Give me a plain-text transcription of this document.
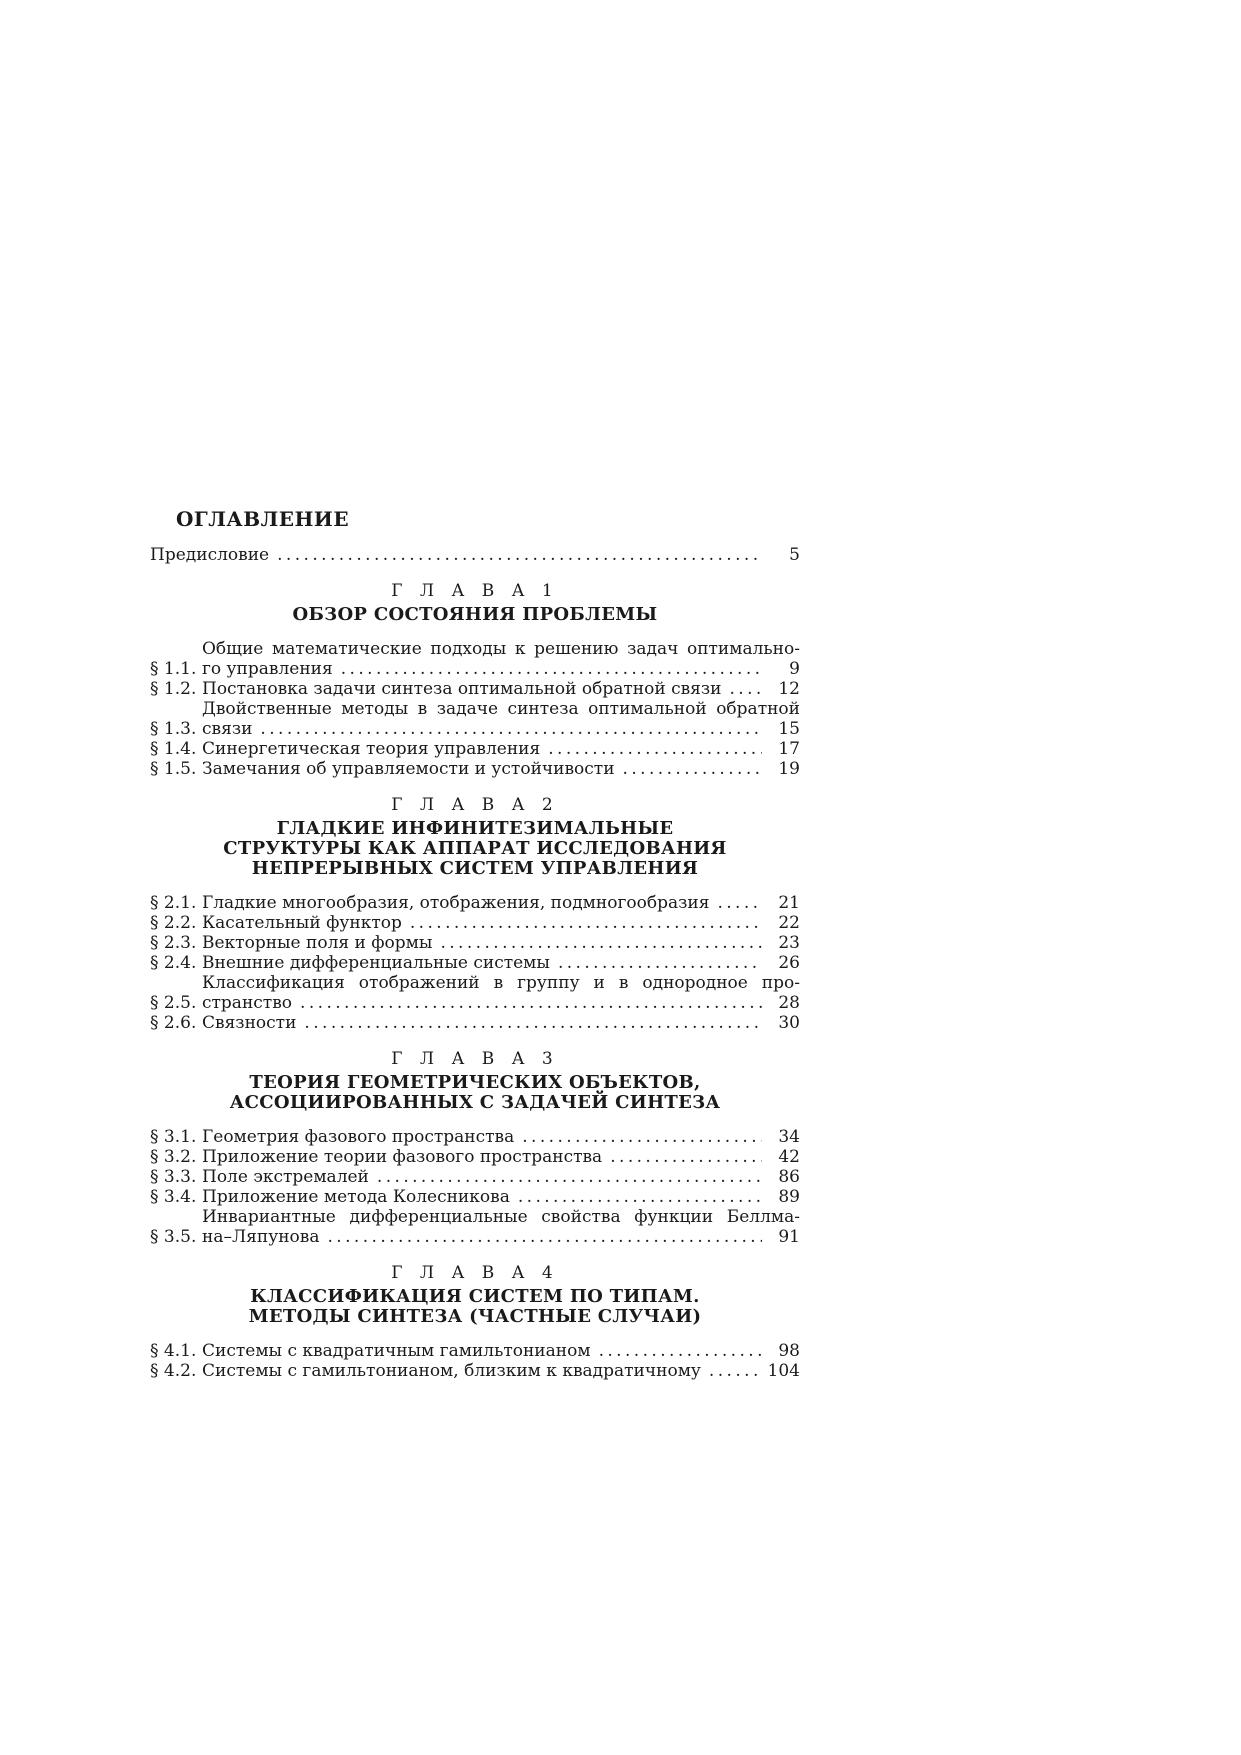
ОГЛАВЛЕНИЕ
Предисловие . . .	5
Г Л А В А 1
ОБЗОР СОСТОЯНИЯ ПРОБЛЕМЫ
§ 1.1.
Общие математические подходы к решению задач оптимально-
го управления . . .	9
§ 1.2. Постановка задачи синтеза оптимальной обратной связи . . .	12
§ 1.3.
Двойственные методы в задаче синтеза оптимальной обратной
связи . . .	15
§ 1.4. Синергетическая теория управления . . .	17
§ 1.5. Замечания об управляемости и устойчивости . . .	19
Г Л А В А 2
ГЛАДКИЕ ИНФИНИТЕЗИМАЛЬНЫЕ
СТРУКТУРЫ КАК АППАРАТ ИССЛЕДОВАНИЯ
НЕПРЕРЫВНЫХ СИСТЕМ УПРАВЛЕНИЯ
§ 2.1. Гладкие многообразия, отображения, подмногообразия . . .	21
§ 2.2. Касательный функтор . . .	22
§ 2.3. Векторные поля и формы . . .	23
§ 2.4. Внешние дифференциальные системы . . .	26
§ 2.5.
Классификация отображений в группу и в однородное про-
странство . . .	28
§ 2.6. Связности . . .	30
Г Л А В А 3
ТЕОРИЯ ГЕОМЕТРИЧЕСКИХ ОБЪЕКТОВ,
АССОЦИИРОВАННЫХ С ЗАДАЧЕЙ СИНТЕЗА
§ 3.1. Геометрия фазового пространства . . .	34
§ 3.2. Приложение теории фазового пространства . . .	42
§ 3.3. Поле экстремалей . . .	86
§ 3.4. Приложение метода Колесникова . . .	89
§ 3.5.
Инвариантные дифференциальные свойства функции Беллма-
на–Ляпунова . . .	91
Г Л А В А 4
КЛАССИФИКАЦИЯ СИСТЕМ ПО ТИПАМ.
МЕТОДЫ СИНТЕЗА (ЧАСТНЫЕ СЛУЧАИ)
§ 4.1. Системы с квадратичным гамильтонианом . . .	98
§ 4.2. Системы с гамильтонианом, близким к квадратичному . . .	104
